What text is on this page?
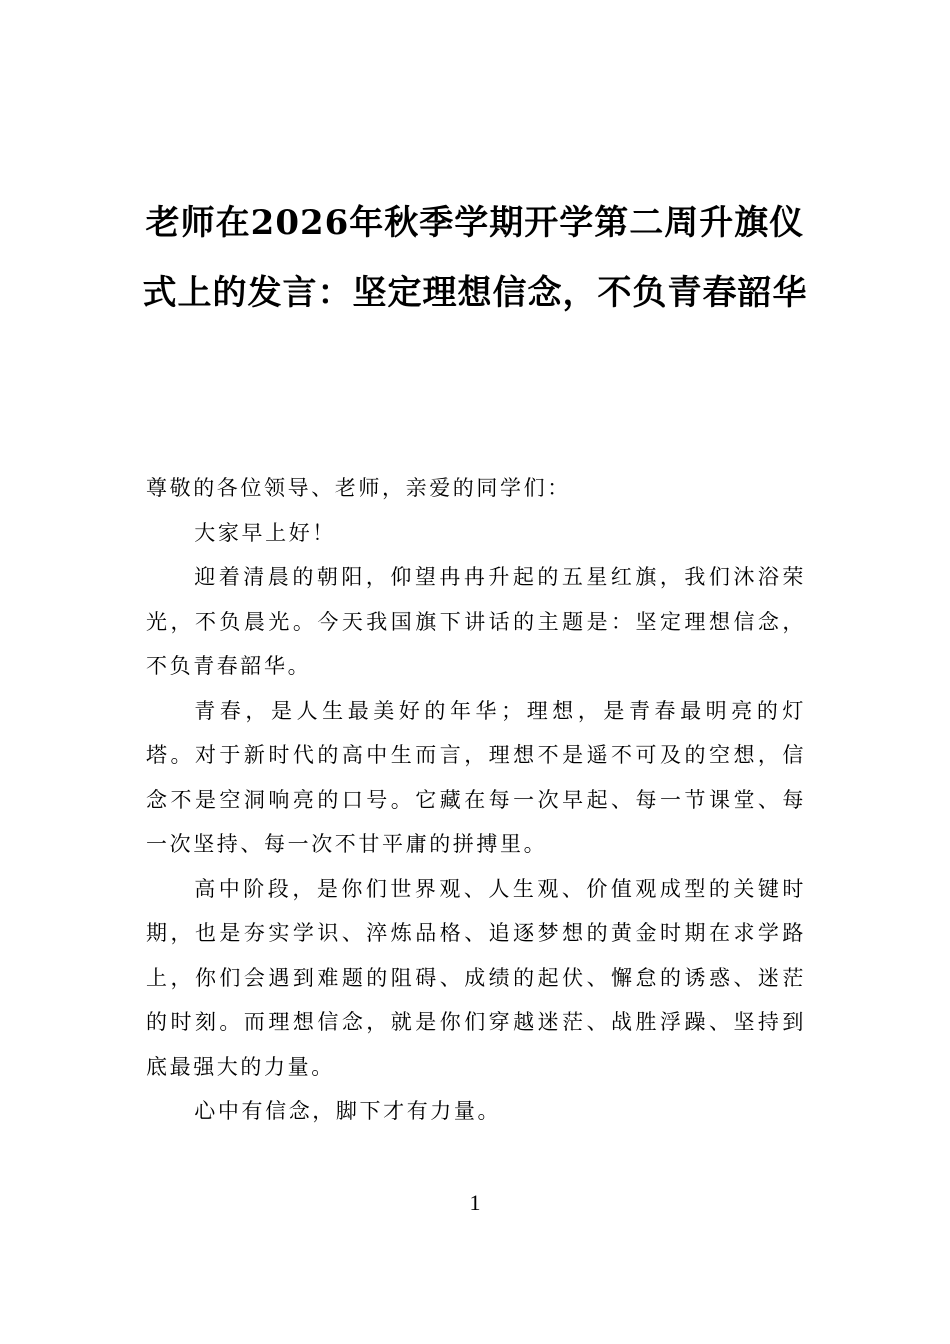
老师在2026年秋季学期开学第二周升旗仪式上的发言：坚定理想信念，不负青春韶华

尊敬的各位领导、老师，亲爱的同学们：

大家早上好！

迎着清晨的朝阳，仰望冉冉升起的五星红旗，我们沐浴荣光，不负晨光。今天我国旗下讲话的主题是：坚定理想信念，不负青春韶华。

青春，是人生最美好的年华；理想，是青春最明亮的灯塔。对于新时代的高中生而言，理想不是遥不可及的空想，信念不是空洞响亮的口号。它藏在每一次早起、每一节课堂、每一次坚持、每一次不甘平庸的拼搏里。

高中阶段，是你们世界观、人生观、价值观成型的关键时期，也是夯实学识、淬炼品格、追逐梦想的黄金时期在求学路上，你们会遇到难题的阻碍、成绩的起伏、懈怠的诱惑、迷茫的时刻。而理想信念，就是你们穿越迷茫、战胜浮躁、坚持到底最强大的力量。

心中有信念，脚下才有力量。

1
